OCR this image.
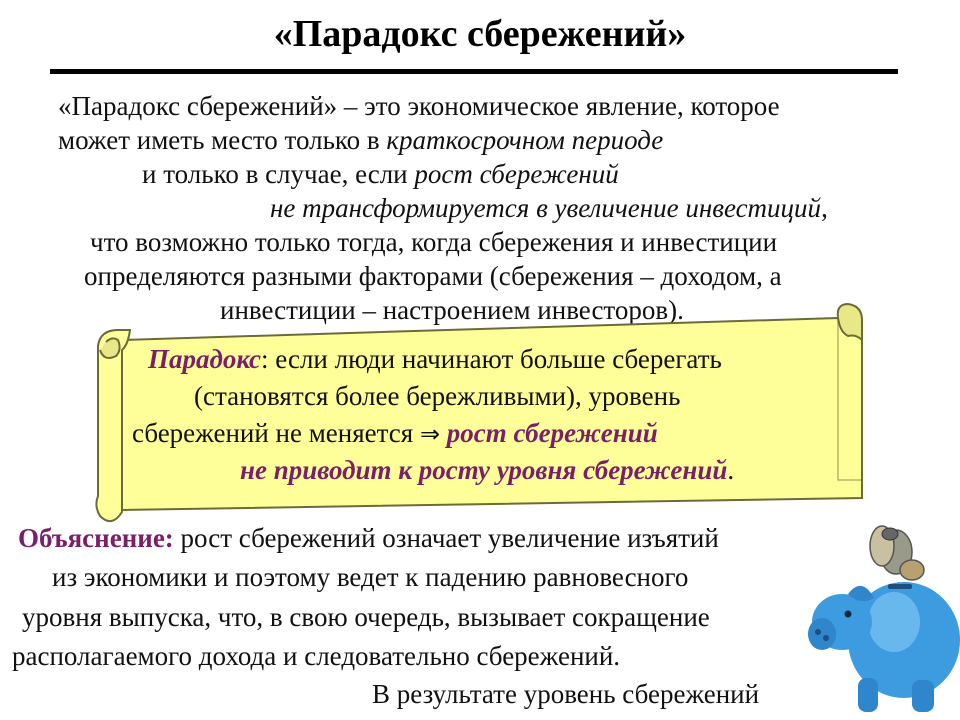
«Парадокс сбережений»
«Парадокс сбережений» – это экономическое явление, которое
может иметь место только в краткосрочном периоде
и только в случае, если рост сбережений
не трансформируется в увеличение инвестиций,
что возможно только тогда, когда сбережения и инвестиции
определяются разными факторами (сбережения – доходом, а
инвестиции – настроением инвесторов).
Парадокс: если люди начинают больше сберегать
(становятся более бережливыми), уровень
сбережений не меняется ⇒ рост сбережений
не приводит к росту уровня сбережений.
Объяснение: рост сбережений означает увеличение изъятий
из экономики и поэтому ведет к падению равновесного
уровня выпуска, что, в свою очередь, вызывает сокращение
располагаемого дохода и следовательно сбережений.
В результате уровень сбережений
